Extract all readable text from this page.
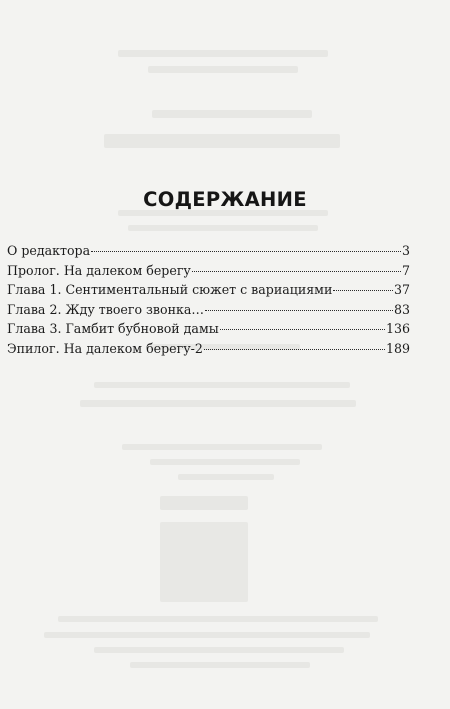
СОДЕРЖАНИЕ
О редактора	3
Пролог. На далеком берегу	7
Глава 1. Сентиментальный сюжет с вариациями	37
Глава 2. Жду твоего звонка…	83
Глава 3. Гамбит бубновой дамы	136
Эпилог. На далеком берегу-2	189
